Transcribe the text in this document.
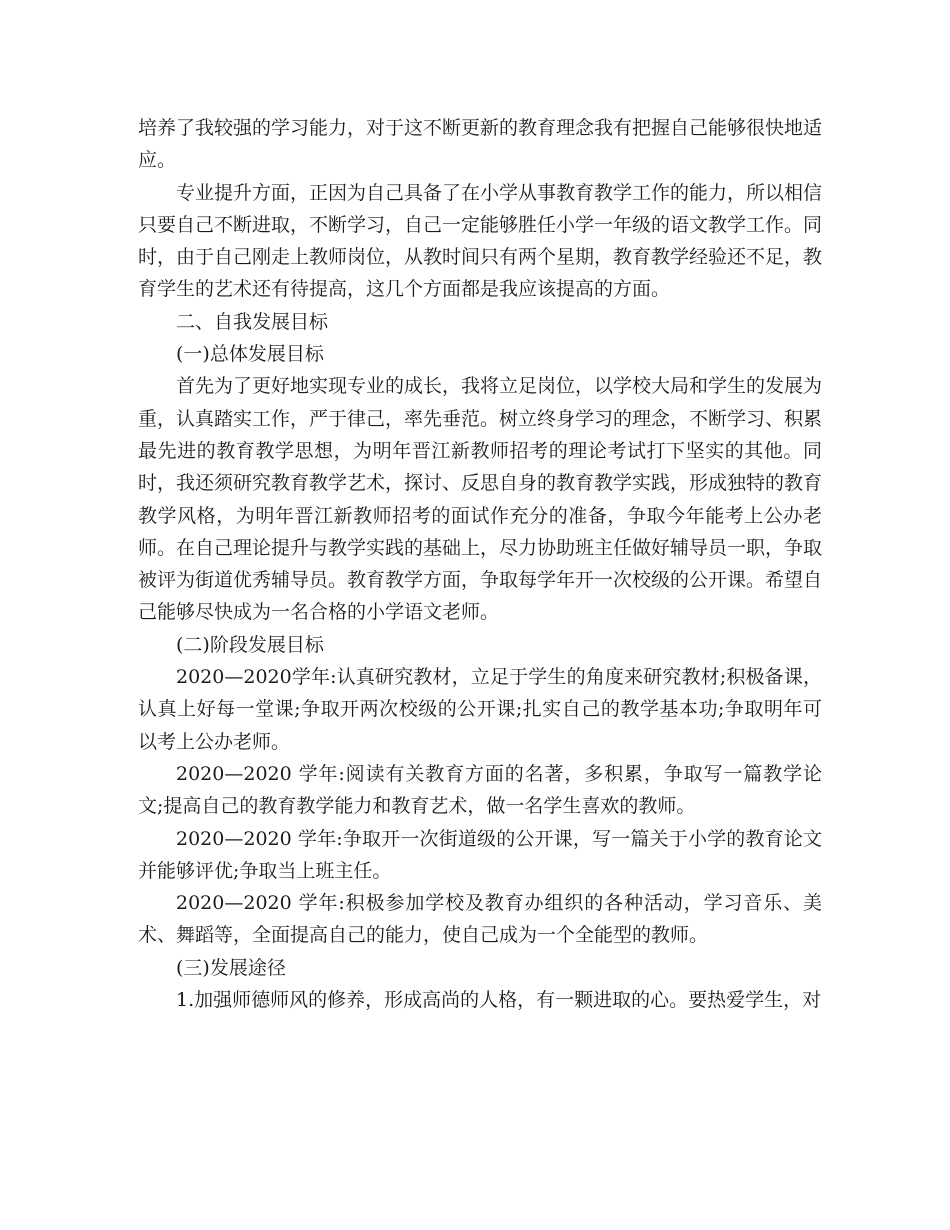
培养了我较强的学习能力，对于这不断更新的教育理念我有把握自己能够很快地适应。

专业提升方面，正因为自己具备了在小学从事教育教学工作的能力，所以相信只要自己不断进取，不断学习，自己一定能够胜任小学一年级的语文教学工作。同时，由于自己刚走上教师岗位，从教时间只有两个星期，教育教学经验还不足，教育学生的艺术还有待提高，这几个方面都是我应该提高的方面。

二、自我发展目标

(一)总体发展目标

首先为了更好地实现专业的成长，我将立足岗位，以学校大局和学生的发展为重，认真踏实工作，严于律己，率先垂范。树立终身学习的理念，不断学习、积累最先进的教育教学思想，为明年晋江新教师招考的理论考试打下坚实的其他。同时，我还须研究教育教学艺术，探讨、反思自身的教育教学实践，形成独特的教育教学风格，为明年晋江新教师招考的面试作充分的准备，争取今年能考上公办老师。在自己理论提升与教学实践的基础上，尽力协助班主任做好辅导员一职，争取被评为街道优秀辅导员。教育教学方面，争取每学年开一次校级的公开课。希望自己能够尽快成为一名合格的小学语文老师。

(二)阶段发展目标

2020—2020学年:认真研究教材，立足于学生的角度来研究教材;积极备课，认真上好每一堂课;争取开两次校级的公开课;扎实自己的教学基本功;争取明年可以考上公办老师。

2020—2020 学年:阅读有关教育方面的名著，多积累，争取写一篇教学论文;提高自己的教育教学能力和教育艺术，做一名学生喜欢的教师。

2020—2020 学年:争取开一次街道级的公开课，写一篇关于小学的教育论文并能够评优;争取当上班主任。

2020—2020 学年:积极参加学校及教育办组织的各种活动，学习音乐、美术、舞蹈等，全面提高自己的能力，使自己成为一个全能型的教师。

(三)发展途径

1.加强师德师风的修养，形成高尚的人格，有一颗进取的心。要热爱学生，对
